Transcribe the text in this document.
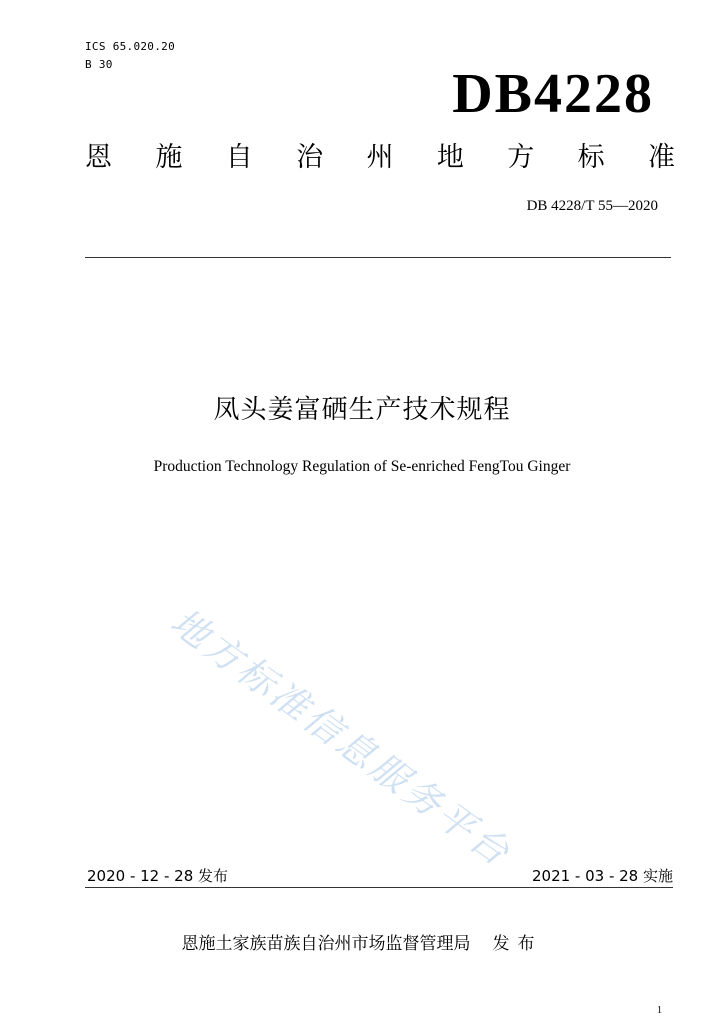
ICS 65.020.20
B 30	DB4228
恩 施 自 治 州 地 方 标 准
DB 4228/T 55—2020
凤头姜富硒生产技术规程
Production Technology Regulation of Se-enriched FengTou Ginger
地方标准信息服务平台
2020 - 12 - 28 发布	2021 - 03 - 28 实施
恩施土家族苗族自治州市场监督管理局 发布
1
